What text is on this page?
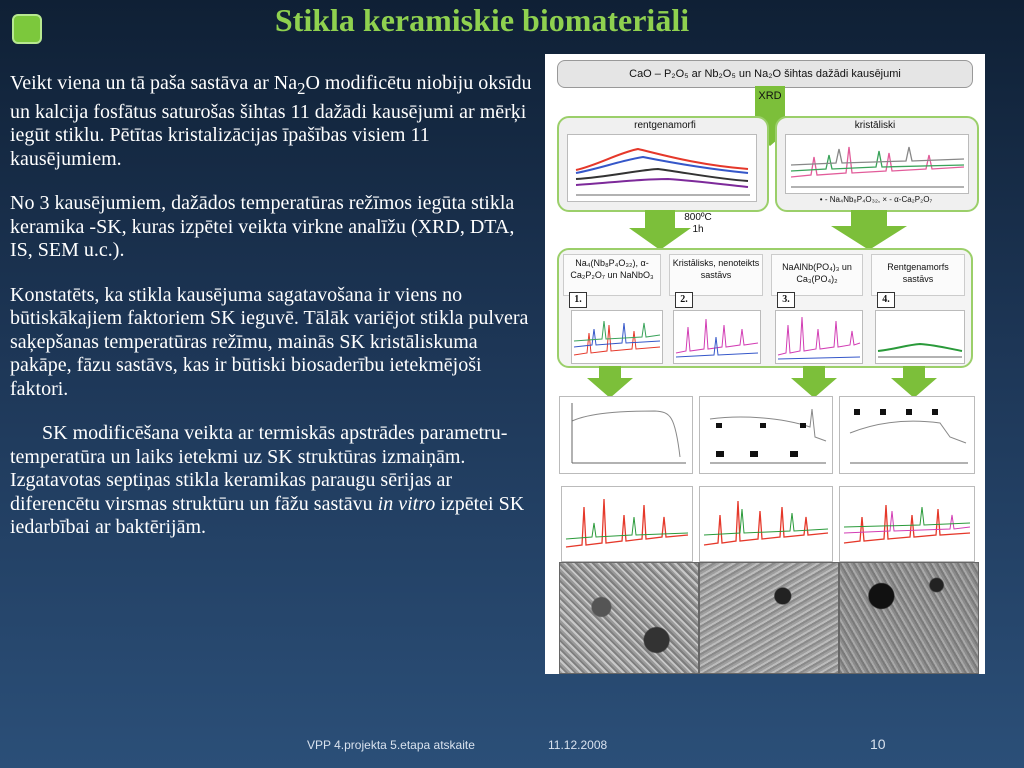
Stikla keramiskie biomateriāli

Veikt viena un tā paša sastāva ar $Na_2O$ modificētu niobiju oksīdu un kalcija fosfātus saturošas šihtas 11 dažādi kausējumi ar mērķi iegūt stiklu. Pētītas kristalizācijas īpašības visiem 11 kausējumiem.

No 3 kausējumiem, dažādos temperatūras režīmos iegūta stikla keramika -SK, kuras izpētei veikta virkne analīžu (XRD, DTA, IS, SEM u.c.).

Konstatēts, ka stikla kausējuma sagatavošana ir viens no būtiskākajiem faktoriem SK ieguvē. Tālāk variējot stikla pulvera saķepšanas temperatūras režīmu, mainās SK kristāliskuma pakāpe, fāzu sastāvs, kas ir būtiski biosaderību ietekmējoši faktori.

SK modificēšana veikta ar termiskās apstrādes parametru-temperatūra un laiks ietekmi uz SK struktūras izmaiņām. Izgatavotas septiņas stikla keramikas paraugu sērijas ar diferencētu virsmas struktūru un fāžu sastāvu in vitro izpētei SK iedarbībai ar baktērijām.

CaO – P₂O₅ ar Nb₂O₅ un Na₂O šihtas dažādi kausējumi
XRD
rentgenamorfi	kristāliski
• - Na₄Nb₈P₄O₃₂, × - α-Ca₂P₂O₇
800ºC
1h
Na₄(Nb₈P₄O₃₂), α-Ca₂P₂O₇ un NaNbO₃
Kristālisks, nenoteikts sastāvs
NaAlNb(PO₄)₃ un Ca₃(PO₄)₂
Rentgenamorfs sastāvs
1.	2.	3.	4.
VPP 4.projekta 5.etapa atskaite	11.12.2008	10
